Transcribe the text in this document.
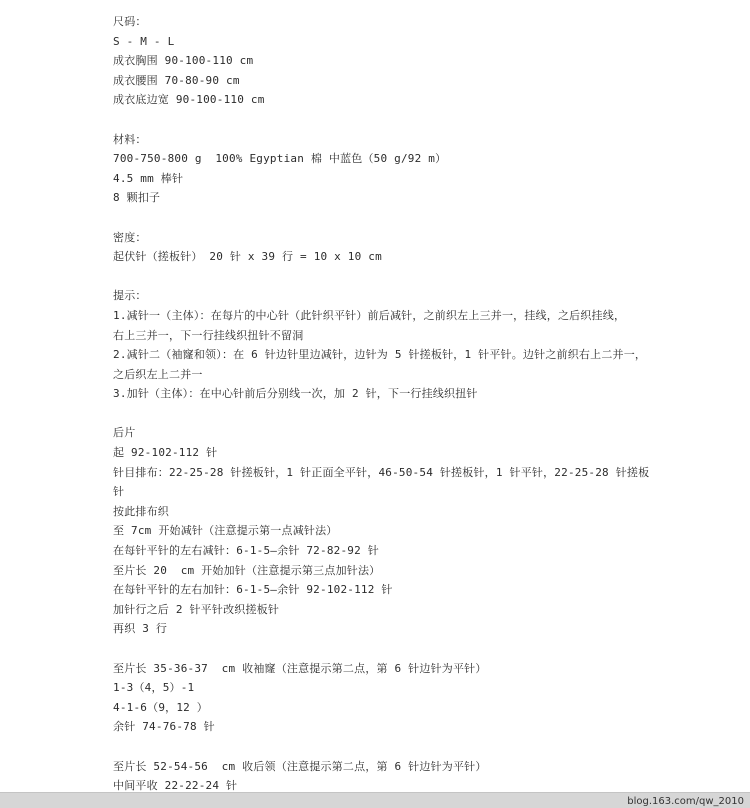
尺码：
S - M - L
成衣胸围 90-100-110 cm
成衣腰围 70-80-90 cm
成衣底边宽 90-100-110 cm
材料：
700-750-800 g  100% Egyptian 棉 中蓝色（50 g/92 m）
4.5 mm 棒针
8 颗扣子
密度：
起伏针（搓板针） 20 针 x 39 行 = 10 x 10 cm
提示：
1.减针一（主体）：在每片的中心针（此针织平针）前后减针，之前织左上三并一，挂线，之后织挂线，
右上三并一，下一行挂线织扭针不留洞
2.减针二（袖窿和领）：在 6 针边针里边减针，边针为 5 针搓板针，1 针平针。边针之前织右上二并一，
之后织左上二并一
3.加针（主体）：在中心针前后分别线一次，加 2 针，下一行挂线织扭针
后片
起 92-102-112 针
针目排布：22-25-28 针搓板针，1 针正面全平针，46-50-54 针搓板针，1 针平针，22-25-28 针搓板
针
按此排布织
至 7cm 开始减针（注意提示第一点减针法）
在每针平针的左右减针：6-1-5—余针 72-82-92 针
至片长 20  cm 开始加针（注意提示第三点加针法）
在每针平针的左右加针：6-1-5—余针 92-102-112 针
加针行之后 2 针平针改织搓板针
再织 3 行
至片长 35-36-37  cm 收袖窿（注意提示第二点，第 6 针边针为平针）
1-3（4，5）-1
4-1-6（9，12 ）
余针 74-76-78 针
至片长 52-54-56  cm 收后领（注意提示第二点，第 6 针边针为平针）
中间平收 22-22-24 针
blog.163.com/qw_2010
